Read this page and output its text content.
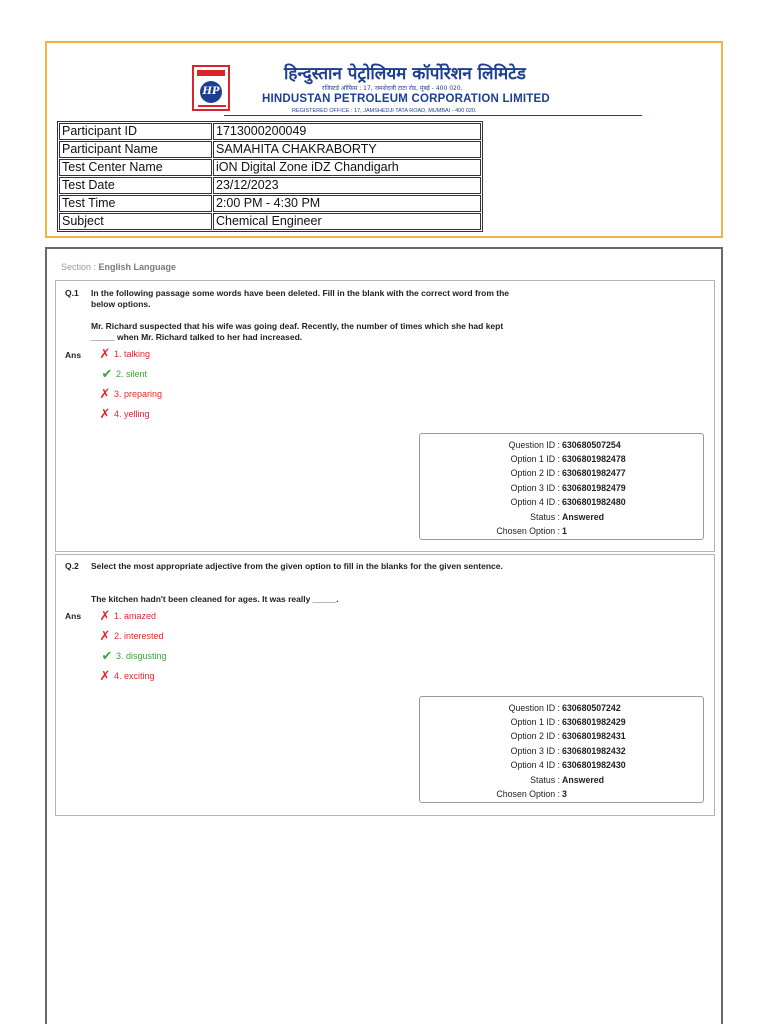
HP
हिन्दुस्तान पेट्रोलियम कॉर्पोरेशन लिमिटेड
रजिस्टर्ड ऑफिस : 17, जमशेदजी टाटा रोड, मुंबई - 400 020.
HINDUSTAN PETROLEUM CORPORATION LIMITED
REGISTERED OFFICE : 17, JAMSHEDJI TATA ROAD, MUMBAI - 400 020.
Participant ID	1713000200049
Participant Name	SAMAHITA CHAKRABORTY
Test Center Name	iON Digital Zone iDZ Chandigarh
Test Date	23/12/2023
Test Time	2:00 PM - 4:30 PM
Subject	Chemical Engineer
Section : English Language
Q.1 In the following passage some words have been deleted. Fill in the blank with the correct word from the below options.
Mr. Richard suspected that his wife was going deaf. Recently, the number of times which she had kept _____ when Mr. Richard talked to her had increased.
Ans ✗ 1. talking
✔ 2. silent
✗ 3. preparing
✗ 4. yelling
Question ID : 630680507254
Option 1 ID : 6306801982478
Option 2 ID : 6306801982477
Option 3 ID : 6306801982479
Option 4 ID : 6306801982480
Status : Answered
Chosen Option : 1
Q.2 Select the most appropriate adjective from the given option to fill in the blanks for the given sentence.
The kitchen hadn't been cleaned for ages. It was really _____.
Ans ✗ 1. amazed
✗ 2. interested
✔ 3. disgusting
✗ 4. exciting
Question ID : 630680507242
Option 1 ID : 6306801982429
Option 2 ID : 6306801982431
Option 3 ID : 6306801982432
Option 4 ID : 6306801982430
Status : Answered
Chosen Option : 3
